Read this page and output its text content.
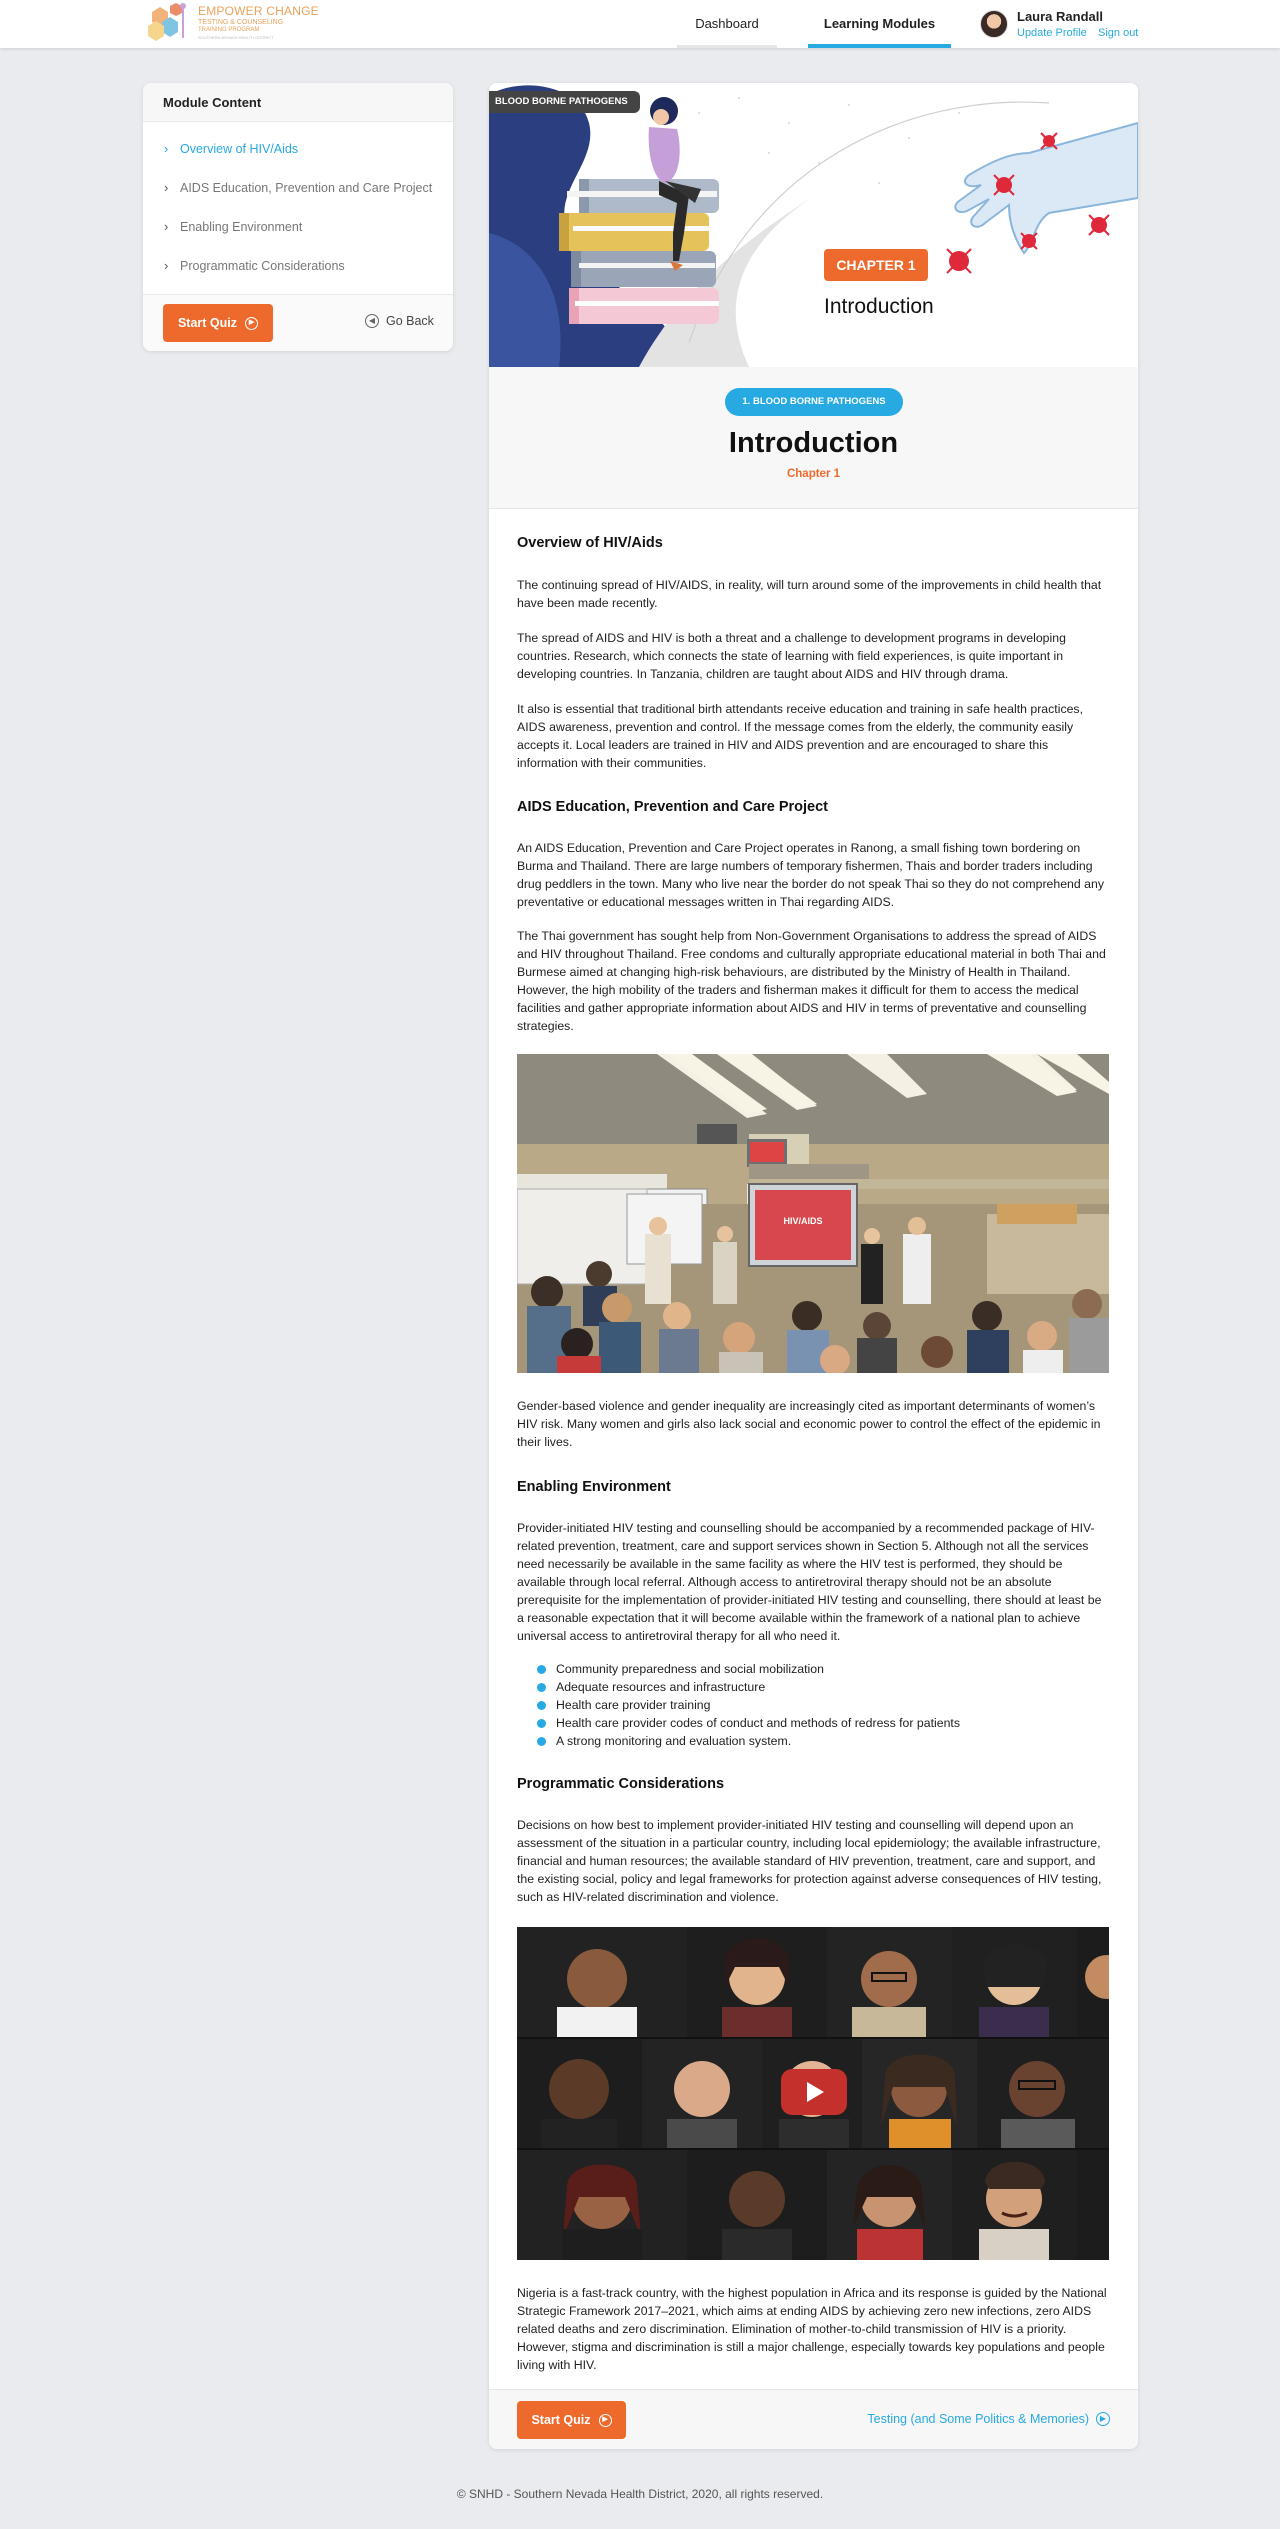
EMPOWER CHANGE
TESTING & COUNSELING
TRAINING PROGRAM
SOUTHERN NEVADA HEALTH DISTRICT
Dashboard	Learning Modules	Laura Randall
Update Profile Sign out
Module Content
› Overview of HIV/Aids
› AIDS Education, Prevention and Care Project
› Enabling Environment
› Programmatic Considerations
Start Quiz	▶	◀ Go Back
BLOOD BORNE PATHOGENS
CHAPTER 1
Introduction
1. BLOOD BORNE PATHOGENS
Introduction
Chapter 1
Overview of HIV/Aids

The continuing spread of HIV/AIDS, in reality, will turn around some of the improvements in child health that have been made recently.

The spread of AIDS and HIV is both a threat and a challenge to development programs in developing countries. Research, which connects the state of learning with field experiences, is quite important in developing countries. In Tanzania, children are taught about AIDS and HIV through drama.

It also is essential that traditional birth attendants receive education and training in safe health practices, AIDS awareness, prevention and control. If the message comes from the elderly, the community easily accepts it. Local leaders are trained in HIV and AIDS prevention and are encouraged to share this information with their communities.

AIDS Education, Prevention and Care Project

An AIDS Education, Prevention and Care Project operates in Ranong, a small fishing town bordering on Burma and Thailand. There are large numbers of temporary fishermen, Thais and border traders including drug peddlers in the town. Many who live near the border do not speak Thai so they do not comprehend any preventative or educational messages written in Thai regarding AIDS.

The Thai government has sought help from Non-Government Organisations to address the spread of AIDS and HIV throughout Thailand. Free condoms and culturally appropriate educational material in both Thai and Burmese aimed at changing high-risk behaviours, are distributed by the Ministry of Health in Thailand. However, the high mobility of the traders and fisherman makes it difficult for them to access the medical facilities and gather appropriate information about AIDS and HIV in terms of preventative and counselling strategies.

HIV/AIDS

Gender-based violence and gender inequality are increasingly cited as important determinants of women’s HIV risk. Many women and girls also lack social and economic power to control the effect of the epidemic in their lives.

Enabling Environment

Provider-initiated HIV testing and counselling should be accompanied by a recommended package of HIV-related prevention, treatment, care and support services shown in Section 5. Although not all the services need necessarily be available in the same facility as where the HIV test is performed, they should be available through local referral. Although access to antiretroviral therapy should not be an absolute prerequisite for the implementation of provider-initiated HIV testing and counselling, there should at least be a reasonable expectation that it will become available within the framework of a national plan to achieve universal access to antiretroviral therapy for all who need it.

Community preparedness and social mobilization
Adequate resources and infrastructure
Health care provider training
Health care provider codes of conduct and methods of redress for patients
A strong monitoring and evaluation system.
Programmatic Considerations

Decisions on how best to implement provider-initiated HIV testing and counselling will depend upon an assessment of the situation in a particular country, including local epidemiology; the available infrastructure, financial and human resources; the available standard of HIV prevention, treatment, care and support, and the existing social, policy and legal frameworks for protection against adverse consequences of HIV testing, such as HIV-related discrimination and violence.

Nigeria is a fast-track country, with the highest population in Africa and its response is guided by the National Strategic Framework 2017–2021, which aims at ending AIDS by achieving zero new infections, zero AIDS related deaths and zero discrimination. Elimination of mother-to-child transmission of HIV is a priority. However, stigma and discrimination is still a major challenge, especially towards key populations and people living with HIV.

Start Quiz	▶	Testing (and Some Politics & Memories)	▶
© SNHD - Southern Nevada Health District, 2020, all rights reserved.
